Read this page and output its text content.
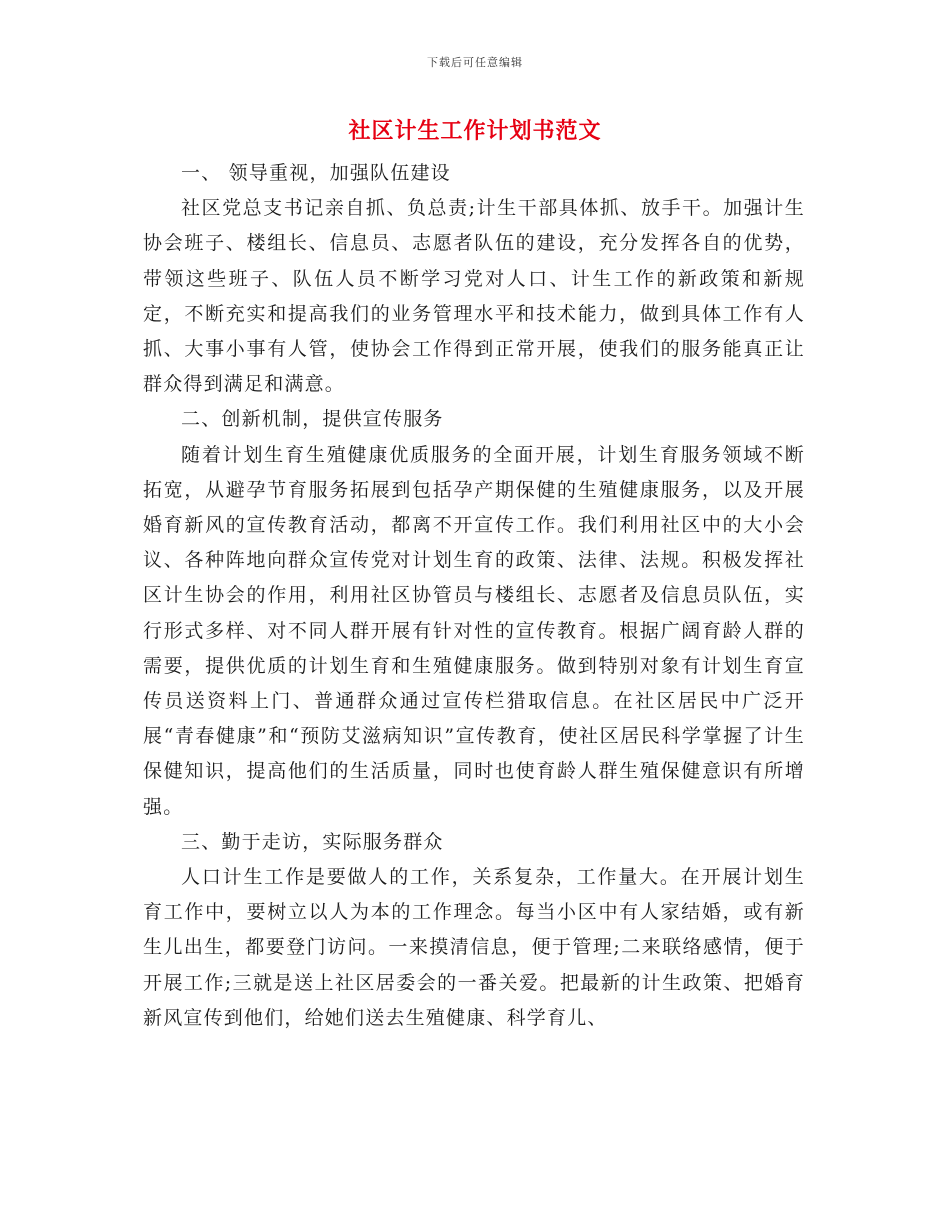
下载后可任意编辑
社区计生工作计划书范文

一、 领导重视，加强队伍建设

社区党总支书记亲自抓、负总责;计生干部具体抓、放手干。加强计生协会班子、楼组长、信息员、志愿者队伍的建设，充分发挥各自的优势，带领这些班子、队伍人员不断学习党对人口、计生工作的新政策和新规定，不断充实和提高我们的业务管理水平和技术能力，做到具体工作有人抓、大事小事有人管，使协会工作得到正常开展，使我们的服务能真正让群众得到满足和满意。

二、创新机制，提供宣传服务

随着计划生育生殖健康优质服务的全面开展，计划生育服务领域不断拓宽，从避孕节育服务拓展到包括孕产期保健的生殖健康服务，以及开展婚育新风的宣传教育活动，都离不开宣传工作。我们利用社区中的大小会议、各种阵地向群众宣传党对计划生育的政策、法律、法规。积极发挥社区计生协会的作用，利用社区协管员与楼组长、志愿者及信息员队伍，实行形式多样、对不同人群开展有针对性的宣传教育。根据广阔育龄人群的需要，提供优质的计划生育和生殖健康服务。做到特别对象有计划生育宣传员送资料上门、普通群众通过宣传栏猎取信息。在社区居民中广泛开展“青春健康”和“预防艾滋病知识”宣传教育，使社区居民科学掌握了计生保健知识，提高他们的生活质量，同时也使育龄人群生殖保健意识有所增强。

三、勤于走访，实际服务群众

人口计生工作是要做人的工作，关系复杂，工作量大。在开展计划生育工作中，要树立以人为本的工作理念。每当小区中有人家结婚，或有新生儿出生，都要登门访问。一来摸清信息，便于管理;二来联络感情，便于开展工作;三就是送上社区居委会的一番关爱。把最新的计生政策、把婚育新风宣传到他们，给她们送去生殖健康、科学育儿、
